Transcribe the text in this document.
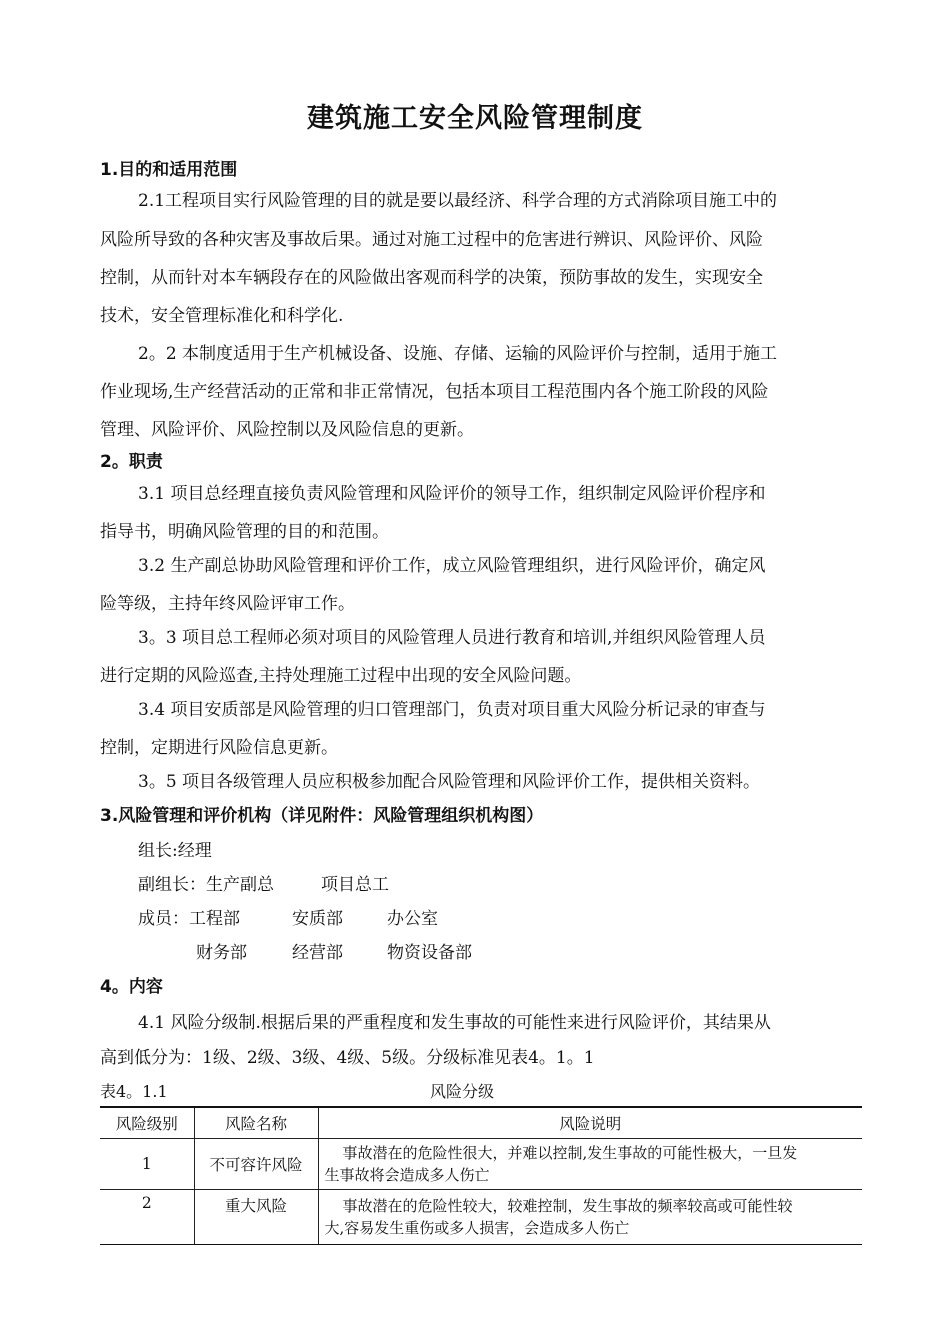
建筑施工安全风险管理制度
1.目的和适用范围
2.1工程项目实行风险管理的目的就是要以最经济、科学合理的方式消除项目施工中的
风险所导致的各种灾害及事故后果。通过对施工过程中的危害进行辨识、风险评价、风险
控制，从而针对本车辆段存在的风险做出客观而科学的决策，预防事故的发生，实现安全
技术，安全管理标准化和科学化.
2。2 本制度适用于生产机械设备、设施、存储、运输的风险评价与控制，适用于施工
作业现场,生产经营活动的正常和非正常情况，包括本项目工程范围内各个施工阶段的风险
管理、风险评价、风险控制以及风险信息的更新。
2。职责
3.1 项目总经理直接负责风险管理和风险评价的领导工作，组织制定风险评价程序和
指导书，明确风险管理的目的和范围。
3.2 生产副总协助风险管理和评价工作，成立风险管理组织，进行风险评价，确定风
险等级，主持年终风险评审工作。
3。3 项目总工程师必须对项目的风险管理人员进行教育和培训,并组织风险管理人员
进行定期的风险巡查,主持处理施工过程中出现的安全风险问题。
3.4 项目安质部是风险管理的归口管理部门，负责对项目重大风险分析记录的审查与
控制，定期进行风险信息更新。
3。5 项目各级管理人员应积极参加配合风险管理和风险评价工作，提供相关资料。
3.风险管理和评价机构（详见附件：风险管理组织机构图）
组长:经理
副组长：生产副总	项目总工
成员：工程部	安质部	办公室
财务部	经营部	物资设备部
4。内容
4.1 风险分级制.根据后果的严重程度和发生事故的可能性来进行风险评价，其结果从
高到低分为：1级、2级、3级、4级、5级。分级标准见表4。1。1
表4。1.1	风险分级
风险级别	风险名称	风险说明
1	不可容许风险	事故潜在的危险性很大，并难以控制,发生事故的可能性极大，一旦发
生事故将会造成多人伤亡

2	重大风险	事故潜在的危险性较大，较难控制，发生事故的频率较高或可能性较
大,容易发生重伤或多人损害，会造成多人伤亡
